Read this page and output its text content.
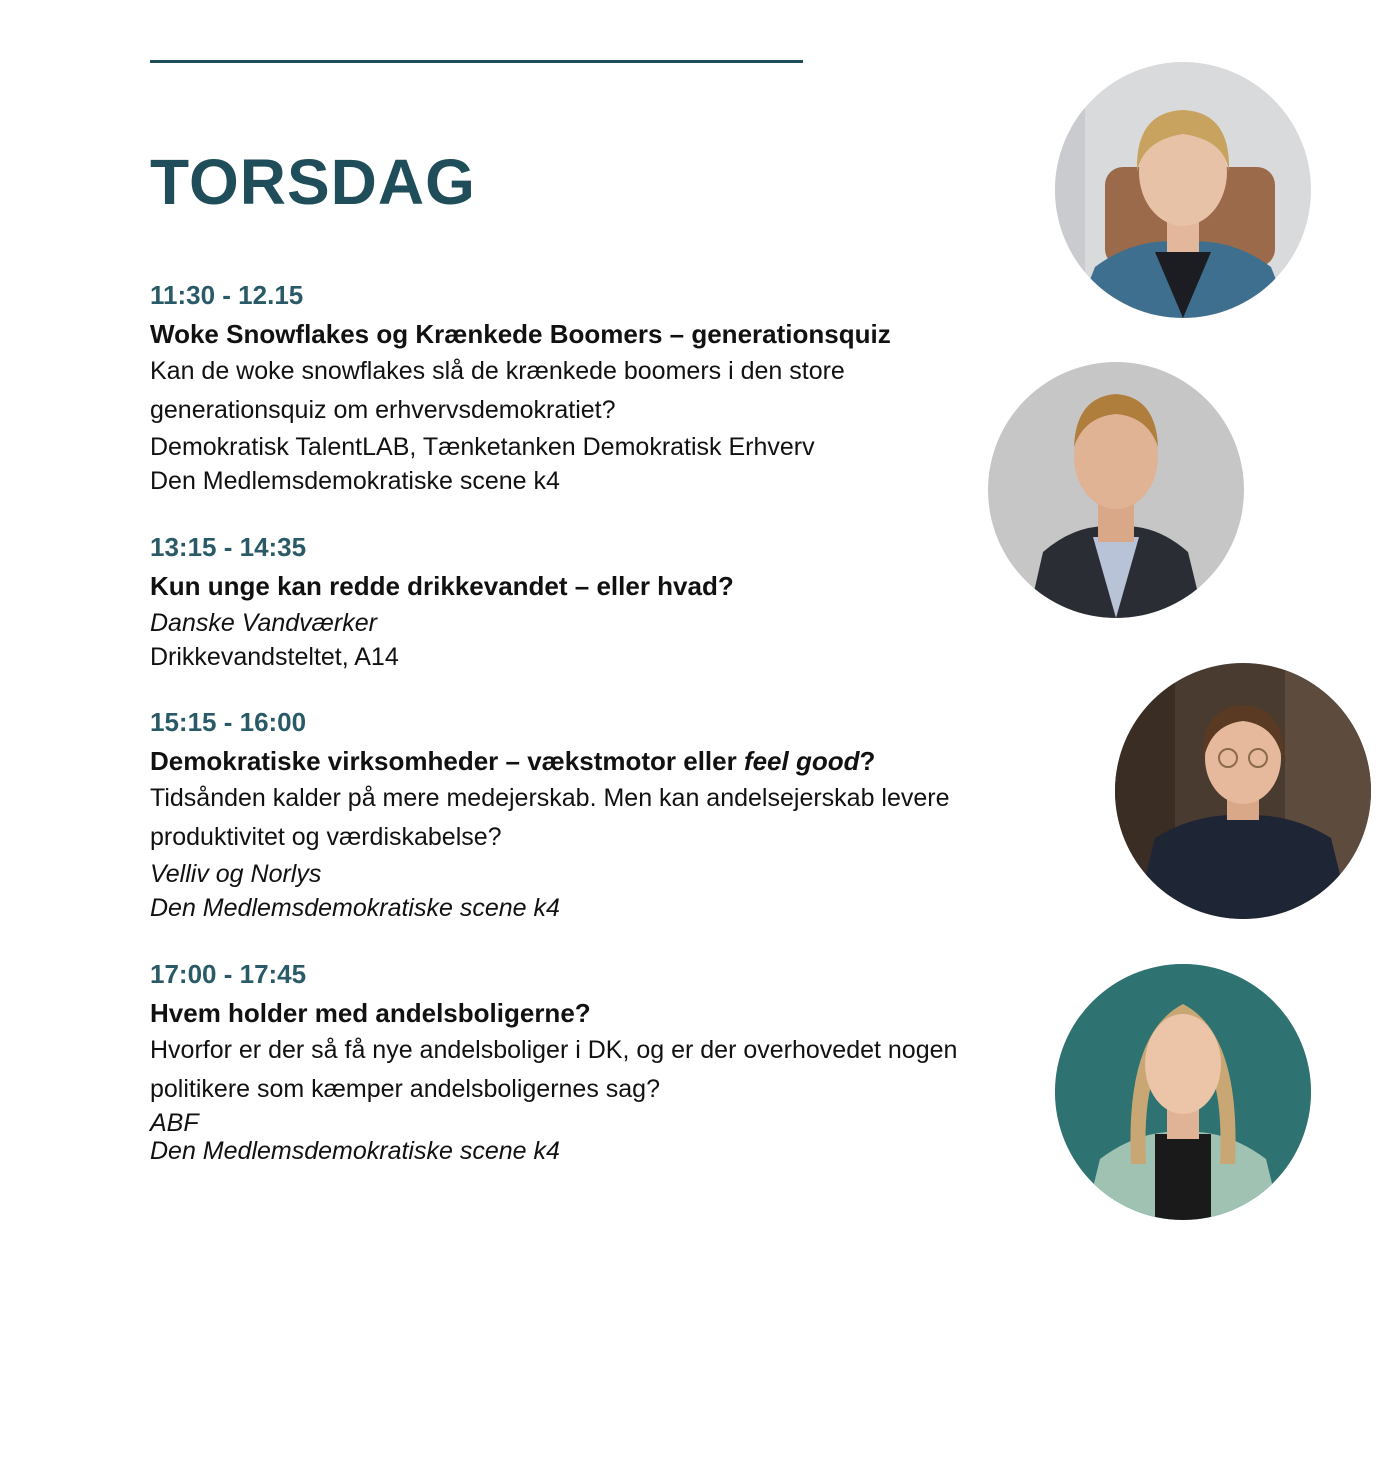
TORSDAG
11:30 - 12.15
Woke Snowflakes og Krænkede Boomers – generationsquiz
Kan de woke snowflakes slå de krænkede boomers i den store generationsquiz om erhvervsdemokratiet?
Demokratisk TalentLAB, Tænketanken Demokratisk Erhverv
Den Medlemsdemokratiske scene k4
13:15 - 14:35
Kun unge kan redde drikkevandet – eller hvad?
Danske Vandværker
Drikkevandsteltet, A14
15:15 - 16:00
Demokratiske virksomheder – vækstmotor eller feel good?
Tidsånden kalder på mere medejerskab. Men kan andelsejerskab levere produktivitet og værdiskabelse?
Velliv og Norlys
Den Medlemsdemokratiske scene k4
17:00 - 17:45
Hvem holder med andelsboligerne?
Hvorfor er der så få nye andelsboliger i DK, og er der overhovedet nogen politikere som kæmper andelsboligernes sag?
ABF
Den Medlemsdemokratiske scene k4
